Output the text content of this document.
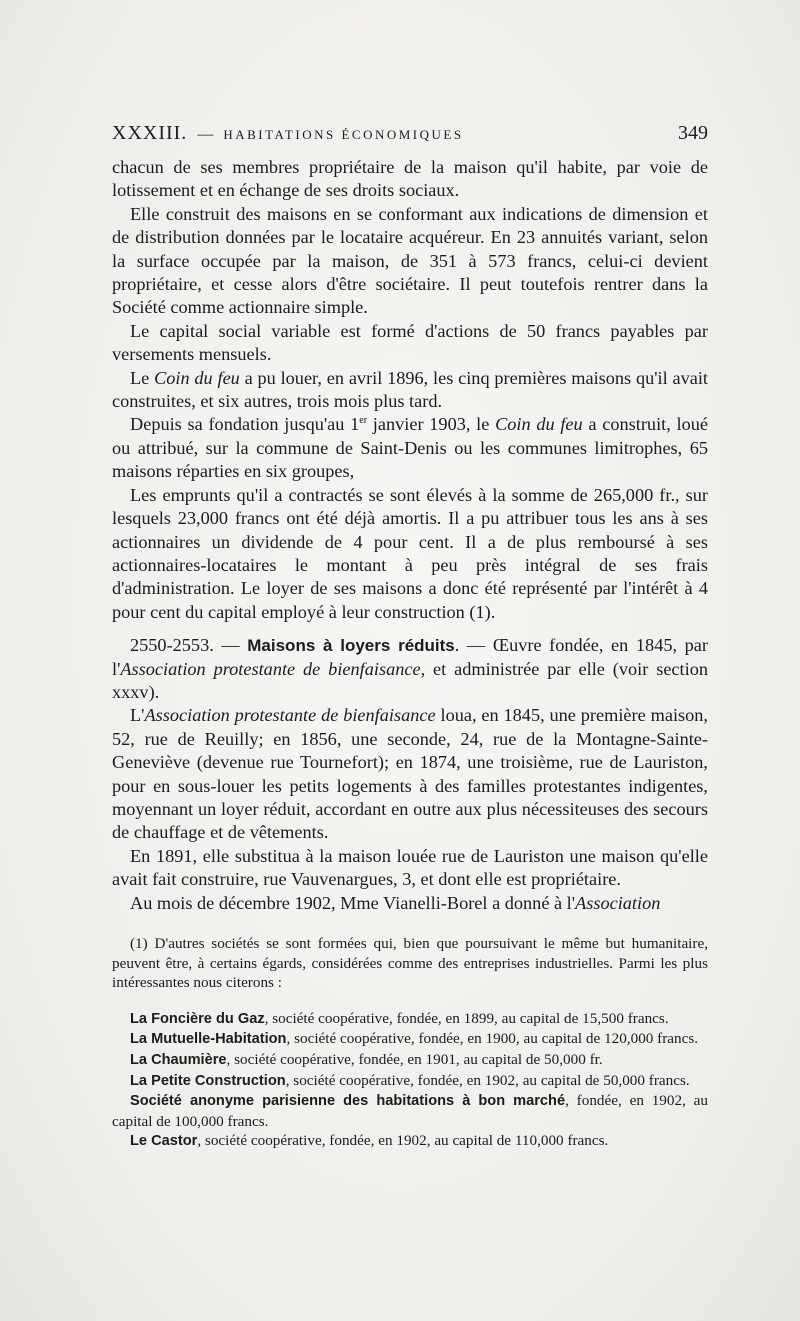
XXXIII. — HABITATIONS ÉCONOMIQUES	349

chacun de ses membres propriétaire de la maison qu'il habite, par voie de lotissement et en échange de ses droits sociaux.

Elle construit des maisons en se conformant aux indications de dimension et de distribution données par le locataire acquéreur. En 23 annuités variant, selon la surface occupée par la maison, de 351 à 573 francs, celui-ci devient propriétaire, et cesse alors d'être sociétaire. Il peut toutefois rentrer dans la Société comme actionnaire simple.

Le capital social variable est formé d'actions de 50 francs payables par versements mensuels.

Le Coin du feu a pu louer, en avril 1896, les cinq premières maisons qu'il avait construites, et six autres, trois mois plus tard.

Depuis sa fondation jusqu'au 1er janvier 1903, le Coin du feu a construit, loué ou attribué, sur la commune de Saint-Denis ou les communes limitrophes, 65 maisons réparties en six groupes,

Les emprunts qu'il a contractés se sont élevés à la somme de 265,000 fr., sur lesquels 23,000 francs ont été déjà amortis. Il a pu attribuer tous les ans à ses actionnaires un dividende de 4 pour cent. Il a de plus remboursé à ses actionnaires-locataires le montant à peu près intégral de ses frais d'administration. Le loyer de ses maisons a donc été représenté par l'intérêt à 4 pour cent du capital employé à leur construction (1).

2550-2553. — Maisons à loyers réduits. — Œuvre fondée, en 1845, par l'Association protestante de bienfaisance, et administrée par elle (voir section xxxv).

L'Association protestante de bienfaisance loua, en 1845, une première maison, 52, rue de Reuilly; en 1856, une seconde, 24, rue de la Montagne-Sainte-Geneviève (devenue rue Tournefort); en 1874, une troisième, rue de Lauriston, pour en sous-louer les petits logements à des familles protestantes indigentes, moyennant un loyer réduit, accordant en outre aux plus nécessiteuses des secours de chauffage et de vêtements.

En 1891, elle substitua à la maison louée rue de Lauriston une maison qu'elle avait fait construire, rue Vauvenargues, 3, et dont elle est propriétaire.

Au mois de décembre 1902, Mme Vianelli-Borel a donné à l'Association

(1) D'autres sociétés se sont formées qui, bien que poursuivant le même but humanitaire, peuvent être, à certains égards, considérées comme des entreprises industrielles. Parmi les plus intéressantes nous citerons :

La Foncière du Gaz, société coopérative, fondée, en 1899, au capital de 15,500 francs.

La Mutuelle-Habitation, société coopérative, fondée, en 1900, au capital de 120,000 francs.

La Chaumière, société coopérative, fondée, en 1901, au capital de 50,000 fr.

La Petite Construction, société coopérative, fondée, en 1902, au capital de 50,000 francs.

Société anonyme parisienne des habitations à bon marché, fondée, en 1902, au capital de 100,000 francs.

Le Castor, société coopérative, fondée, en 1902, au capital de 110,000 francs.
